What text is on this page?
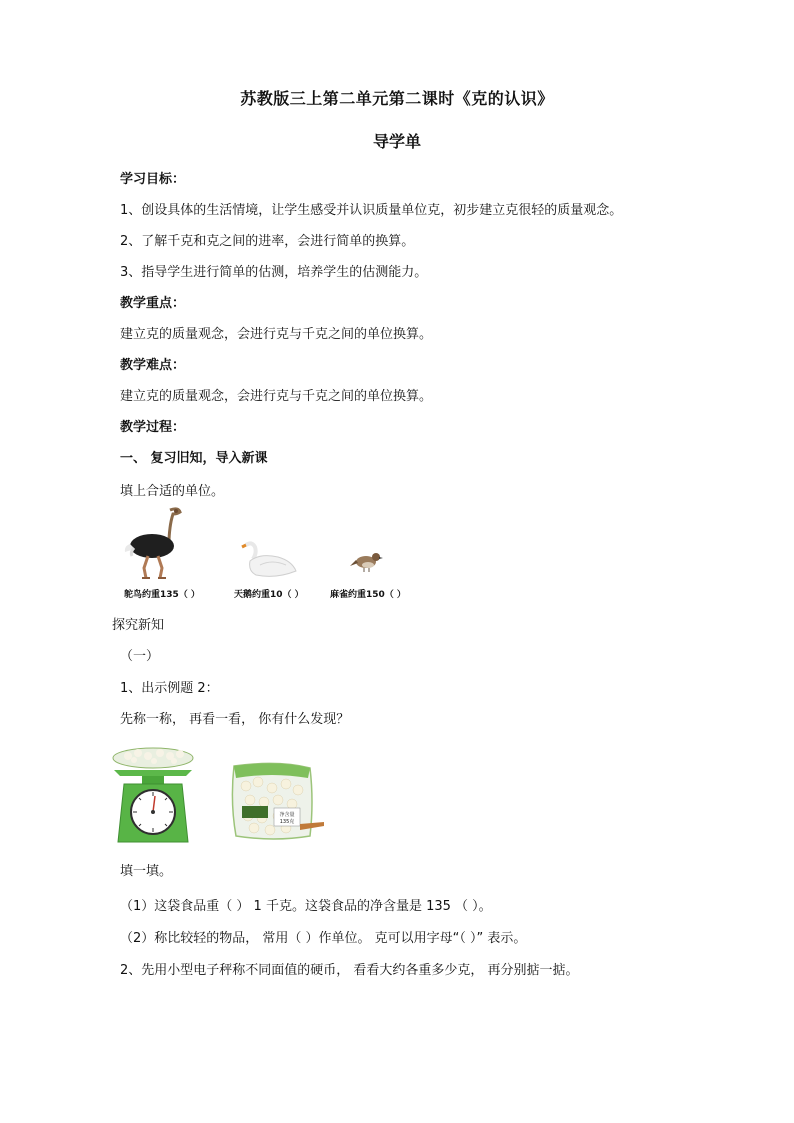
苏教版三上第二单元第二课时《克的认识》
导学单
学习目标：
1、创设具体的生活情境，让学生感受并认识质量单位克，初步建立克很轻的质量观念。
2、了解千克和克之间的进率，会进行简单的换算。
3、指导学生进行简单的估测，培养学生的估测能力。
教学重点：
建立克的质量观念，会进行克与千克之间的单位换算。
教学难点：
建立克的质量观念，会进行克与千克之间的单位换算。
教学过程：
一、 复习旧知，导入新课
填上合适的单位。
鸵鸟约重135（ ）	天鹅约重10（ ）	麻雀约重150（ ）
探究新知
（一）
1、出示例题 2：
先称一称， 再看一看， 你有什么发现？
净含量
135克
填一填。
（1）这袋食品重（ ） 1 千克。这袋食品的净含量是 135 （ ）。
（2）称比较轻的物品， 常用（ ）作单位。 克可以用字母“（ ）” 表示。
2、先用小型电子秤称不同面值的硬币， 看看大约各重多少克， 再分别掂一掂。
